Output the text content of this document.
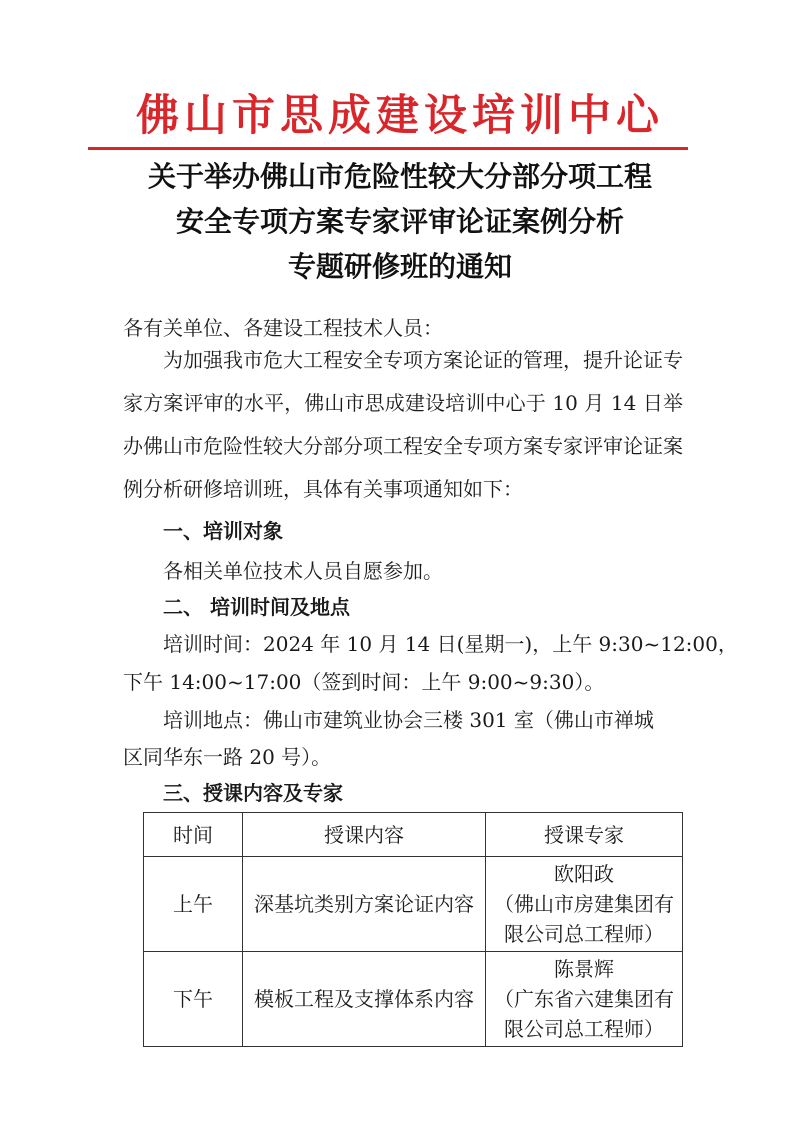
佛山市思成建设培训中心
关于举办佛山市危险性较大分部分项工程
安全专项方案专家评审论证案例分析
专题研修班的通知
各有关单位、各建设工程技术人员：
为加强我市危大工程安全专项方案论证的管理，提升论证专家方案评审的水平，佛山市思成建设培训中心于 10 月 14 日举办佛山市危险性较大分部分项工程安全专项方案专家评审论证案例分析研修培训班，具体有关事项通知如下：
一、培训对象
各相关单位技术人员自愿参加。
二、 培训时间及地点
培训时间：2024 年 10 月 14 日(星期一)，上午 9:30~12:00，
下午 14:00~17:00（签到时间：上午 9:00~9:30）。
培训地点：佛山市建筑业协会三楼 301 室（佛山市禅城
区同华东一路 20 号）。
三、授课内容及专家
时间	授课内容	授课专家
上午	深基坑类别方案论证内容	欧阳政
（佛山市房建集团有限公司总工程师）

下午	模板工程及支撑体系内容	陈景辉
（广东省六建集团有限公司总工程师）
